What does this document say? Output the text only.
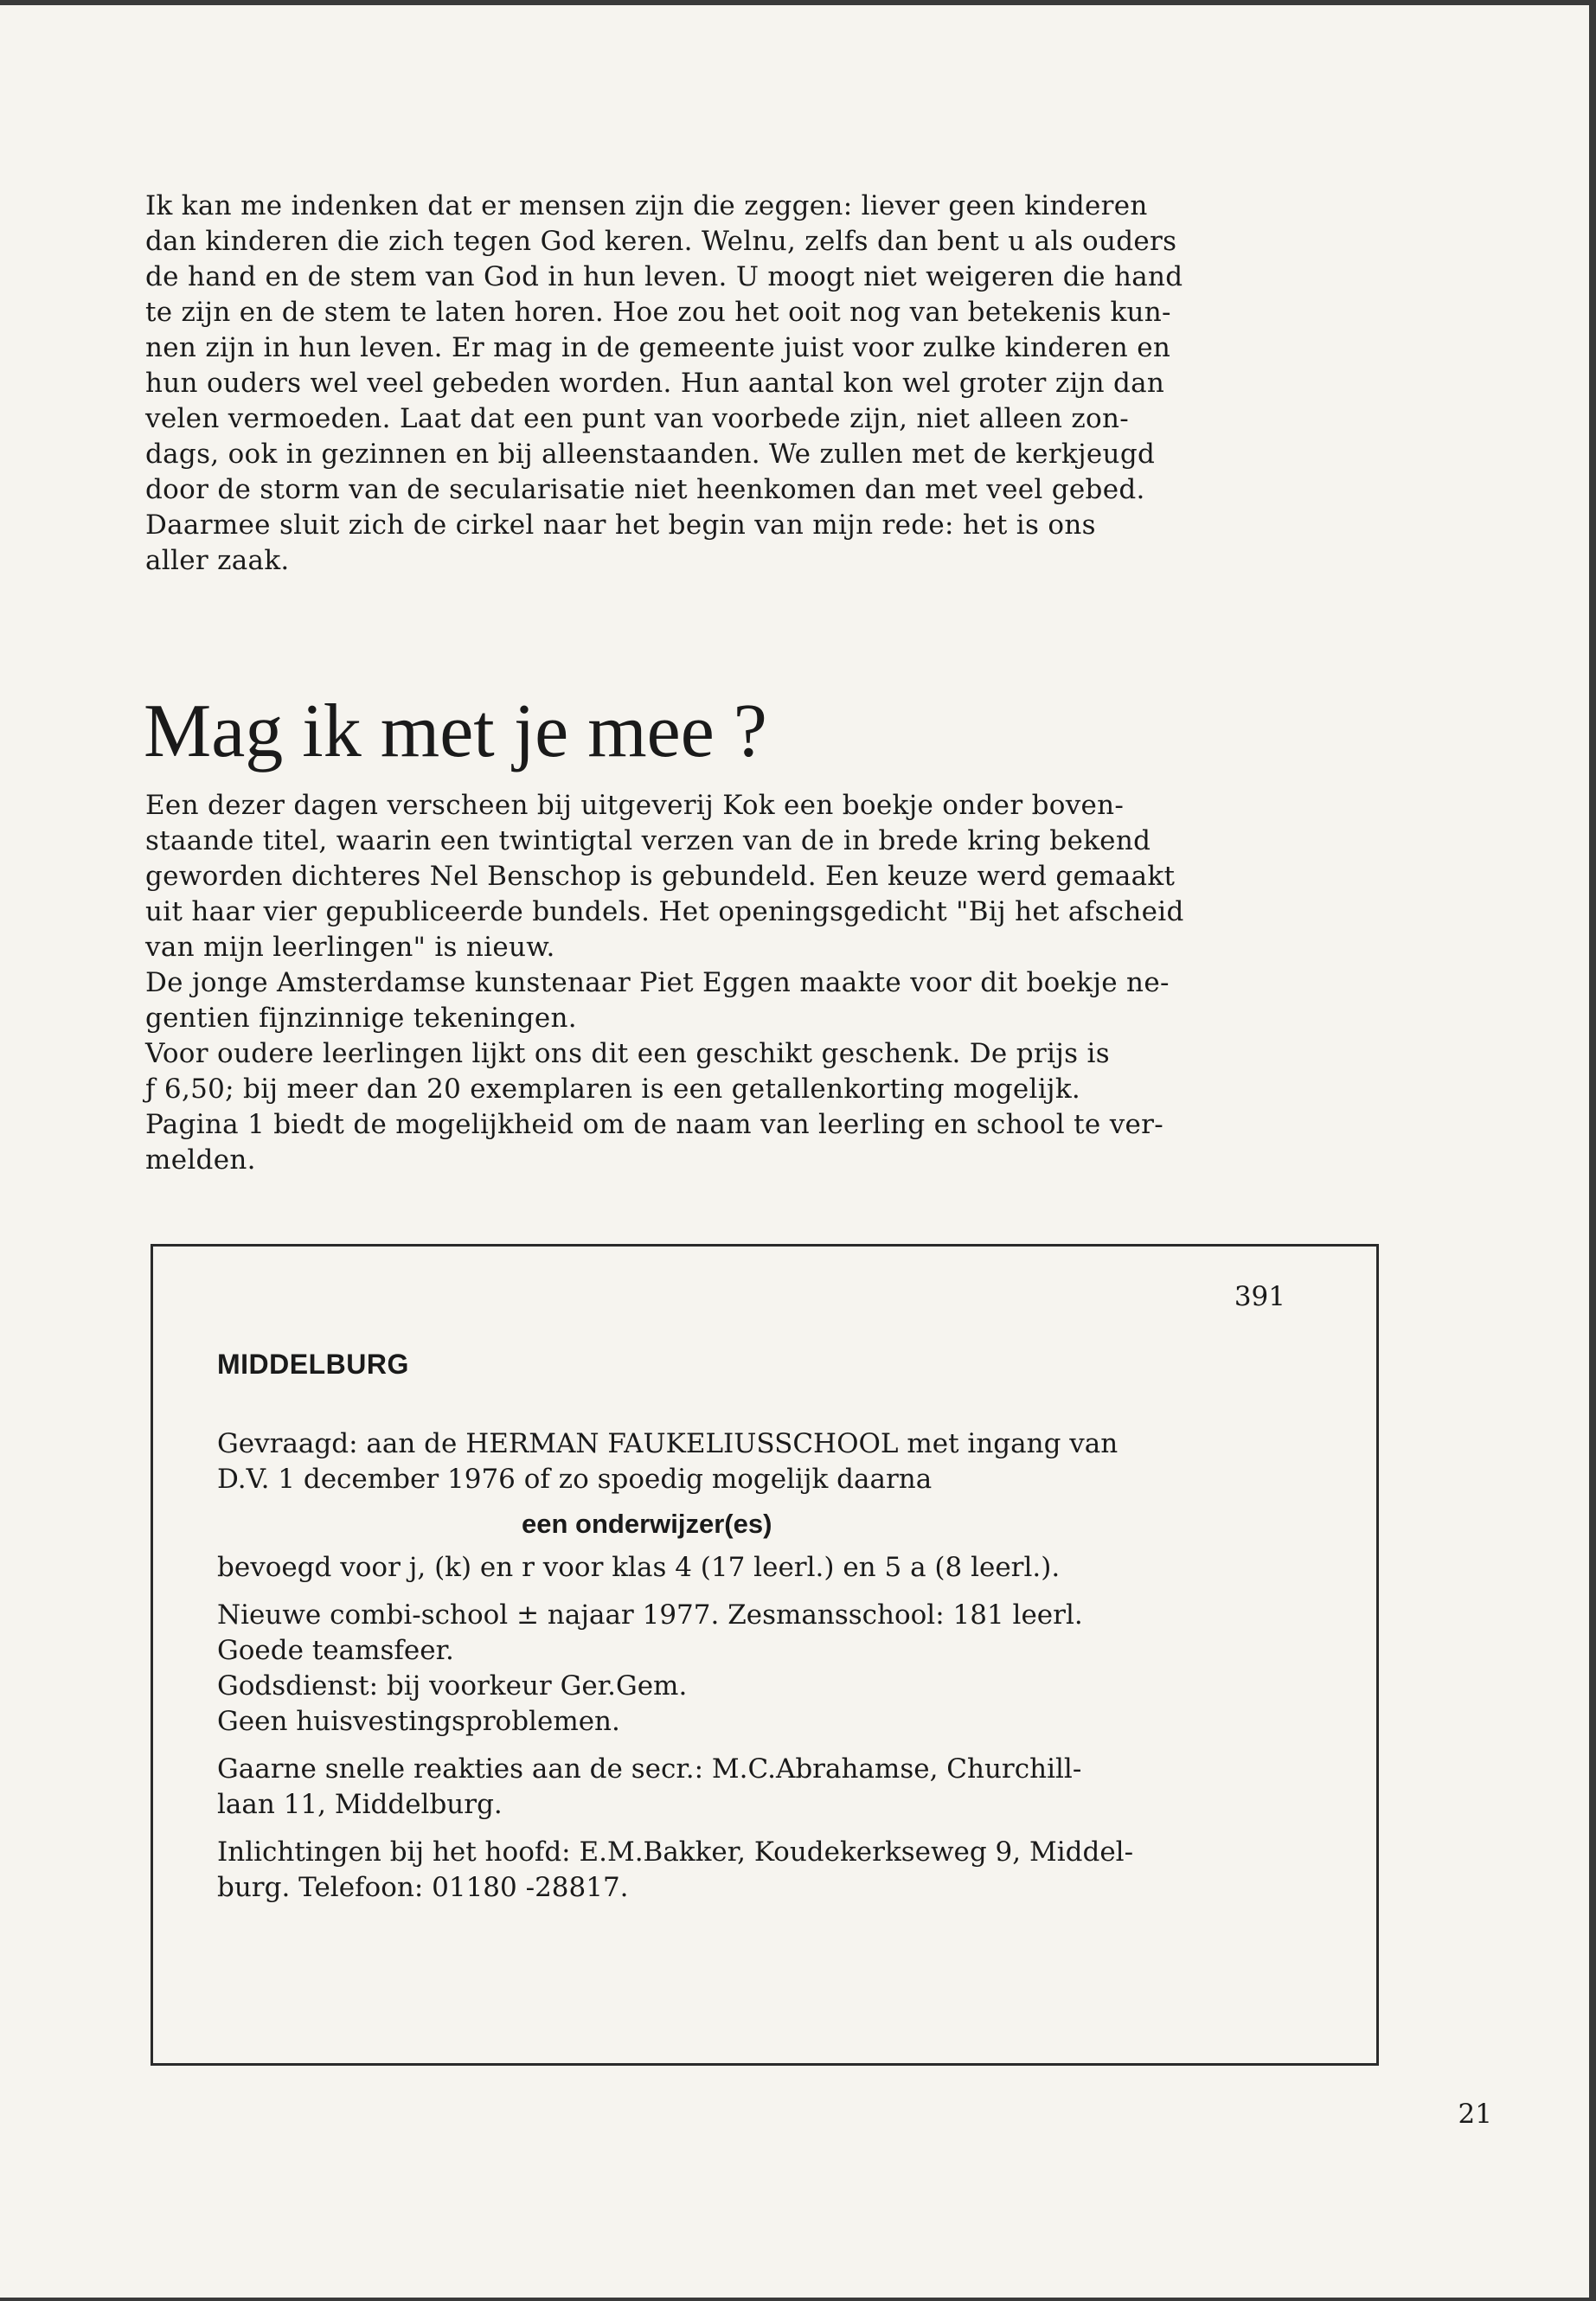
Ik kan me indenken dat er mensen zijn die zeggen: liever geen kinderen
dan kinderen die zich tegen God keren. Welnu, zelfs dan bent u als ouders
de hand en de stem van God in hun leven. U moogt niet weigeren die hand
te zijn en de stem te laten horen. Hoe zou het ooit nog van betekenis kun-
nen zijn in hun leven. Er mag in de gemeente juist voor zulke kinderen en
hun ouders wel veel gebeden worden. Hun aantal kon wel groter zijn dan
velen vermoeden. Laat dat een punt van voorbede zijn, niet alleen zon-
dags, ook in gezinnen en bij alleenstaanden. We zullen met de kerkjeugd
door de storm van de secularisatie niet heenkomen dan met veel gebed.
Daarmee sluit zich de cirkel naar het begin van mijn rede: het is ons
aller zaak.
Mag ik met je mee ?
Een dezer dagen verscheen bij uitgeverij Kok een boekje onder boven-
staande titel, waarin een twintigtal verzen van de in brede kring bekend
geworden dichteres Nel Benschop is gebundeld. Een keuze werd gemaakt
uit haar vier gepubliceerde bundels. Het openingsgedicht "Bij het afscheid
van mijn leerlingen" is nieuw.
De jonge Amsterdamse kunstenaar Piet Eggen maakte voor dit boekje ne-
gentien fijnzinnige tekeningen.
Voor oudere leerlingen lijkt ons dit een geschikt geschenk. De prijs is
ƒ 6,50; bij meer dan 20 exemplaren is een getallenkorting mogelijk.
Pagina 1 biedt de mogelijkheid om de naam van leerling en school te ver-
melden.
391
MIDDELBURG
Gevraagd: aan de HERMAN FAUKELIUSSCHOOL met ingang van
D.V. 1 december 1976 of zo spoedig mogelijk daarna
een onderwijzer(es)
bevoegd voor j, (k) en r voor klas 4 (17 leerl.) en 5 a (8 leerl.).
Nieuwe combi-school ± najaar 1977. Zesmansschool: 181 leerl.
Goede teamsfeer.
Godsdienst: bij voorkeur Ger.Gem.
Geen huisvestingsproblemen.
Gaarne snelle reakties aan de secr.: M.C.Abrahamse, Churchill-
laan 11, Middelburg.
Inlichtingen bij het hoofd: E.M.Bakker, Koudekerkseweg 9, Middel-
burg. Telefoon: 01180 -28817.
21
